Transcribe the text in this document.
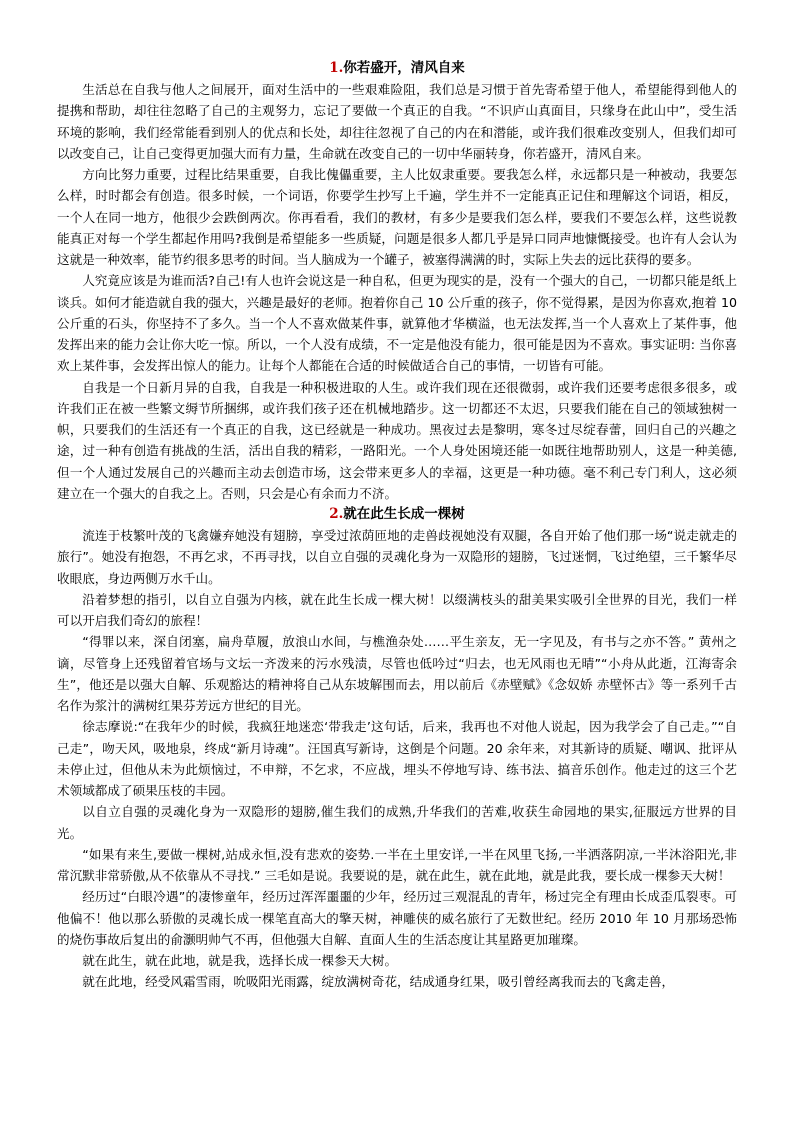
1.你若盛开，清风自来

生活总在自我与他人之间展开，面对生活中的一些艰难险阻，我们总是习惯于首先寄希望于他人，希望能得到他人的提携和帮助，却往往忽略了自己的主观努力，忘记了要做一个真正的自我。“不识庐山真面目，只缘身在此山中”，受生活环境的影响，我们经常能看到别人的优点和长处，却往往忽视了自己的内在和潜能，或许我们很难改变别人，但我们却可以改变自己，让自己变得更加强大而有力量，生命就在改变自己的一切中华丽转身，你若盛开，清风自来。

方向比努力重要，过程比结果重要，自我比傀儡重要，主人比奴隶重要。要我怎么样，永远都只是一种被动，我要怎么样，时时都会有创造。很多时候，一个词语，你要学生抄写上千遍，学生并不一定能真正记住和理解这个词语，相反，一个人在同一地方，他很少会跌倒两次。你再看看，我们的教材，有多少是要我们怎么样，要我们不要怎么样，这些说教能真正对每一个学生都起作用吗?我倒是希望能多一些质疑，问题是很多人都几乎是异口同声地慷慨接受。也许有人会认为这就是一种效率，能节约很多思考的时间。当人脑成为一个罐子，被塞得满满的时，实际上失去的远比获得的要多。

人究竟应该是为谁而活?自己!有人也许会说这是一种自私，但更为现实的是，没有一个强大的自己，一切都只能是纸上谈兵。如何才能造就自我的强大，兴趣是最好的老师。抱着你自己 10 公斤重的孩子，你不觉得累，是因为你喜欢,抱着 10 公斤重的石头，你坚持不了多久。当一个人不喜欢做某件事，就算他才华横溢，也无法发挥,当一个人喜欢上了某件事，他发挥出来的能力会让你大吃一惊。所以，一个人没有成绩，不一定是他没有能力，很可能是因为不喜欢。事实证明: 当你喜欢上某件事，会发挥出惊人的能力。让每个人都能在合适的时候做适合自己的事情，一切皆有可能。

自我是一个日新月异的自我，自我是一种积极进取的人生。或许我们现在还很微弱，或许我们还要考虑很多很多，或许我们正在被一些繁文缛节所捆绑，或许我们孩子还在机械地踏步。这一切都还不太迟，只要我们能在自己的领域独树一帜，只要我们的生活还有一个真正的自我，这已经就是一种成功。黑夜过去是黎明，寒冬过尽绽春蕾，回归自己的兴趣之途，过一种有创造有挑战的生活，活出自我的精彩，一路阳光。一个人身处困境还能一如既往地帮助别人，这是一种美德,但一个人通过发展自己的兴趣而主动去创造市场，这会带来更多人的幸福，这更是一种功德。毫不利己专门利人，这必须建立在一个强大的自我之上。否则，只会是心有余而力不济。

2.就在此生长成一棵树

流连于枝繁叶茂的飞禽嫌弃她没有翅膀，享受过浓荫匝地的走兽歧视她没有双腿，各自开始了他们那一场“说走就走的旅行”。她没有抱怨，不再乞求，不再寻找，以自立自强的灵魂化身为一双隐形的翅膀，飞过迷惘，飞过绝望，三千繁华尽收眼底，身边两侧万水千山。

沿着梦想的指引，以自立自强为内核，就在此生长成一棵大树！以缀满枝头的甜美果实吸引全世界的目光，我们一样可以开启我们奇幻的旅程！

“得罪以来，深自闭塞，扁舟草履，放浪山水间，与樵渔杂处……平生亲友，无一字见及，有书与之亦不答。” 黄州之谪，尽管身上还残留着官场与文坛一齐泼来的污水残渍，尽管也低吟过“归去，也无风雨也无晴”“小舟从此逝，江海寄余生”，他还是以强大自解、乐观豁达的精神将自己从东坡解围而去，用以前后《赤壁赋》《念奴娇 赤壁怀古》等一系列千古名作为浆汁的满树红果芬芳远方世纪的目光。

徐志摩说:“在我年少的时候，我疯狂地迷恋‘带我走’这句话，后来，我再也不对他人说起，因为我学会了自己走。”“自己走”，吻天风，吸地泉，终成“新月诗魂”。汪国真写新诗，这倒是个问题。20 余年来，对其新诗的质疑、嘲讽、批评从未停止过，但他从未为此烦恼过，不申辩，不乞求，不应战，埋头不停地写诗、练书法、搞音乐创作。他走过的这三个艺术领域都成了硕果压枝的丰园。

以自立自强的灵魂化身为一双隐形的翅膀,催生我们的成熟,升华我们的苦难,收获生命园地的果实,征服远方世界的目光。

“如果有来生,要做一棵树,站成永恒,没有悲欢的姿势.一半在土里安详,一半在风里飞扬,一半洒落阴凉,一半沐浴阳光,非常沉默非常骄傲,从不依靠从不寻找.” 三毛如是说。我要说的是，就在此生，就在此地，就是此我，要长成一棵参天大树！

经历过“白眼冷遇”的凄惨童年，经历过浑浑噩噩的少年，经历过三观混乱的青年，杨过完全有理由长成歪瓜裂枣。可他偏不！他以那么骄傲的灵魂长成一棵笔直高大的擎天树，神雕侠的威名旅行了无数世纪。经历 2010 年 10 月那场恐怖的烧伤事故后复出的俞灏明帅气不再，但他强大自解、直面人生的生活态度让其星路更加璀璨。

就在此生，就在此地，就是我，选择长成一棵参天大树。

就在此地，经受风霜雪雨，吮吸阳光雨露，绽放满树奇花，结成通身红果，吸引曾经离我而去的飞禽走兽，
